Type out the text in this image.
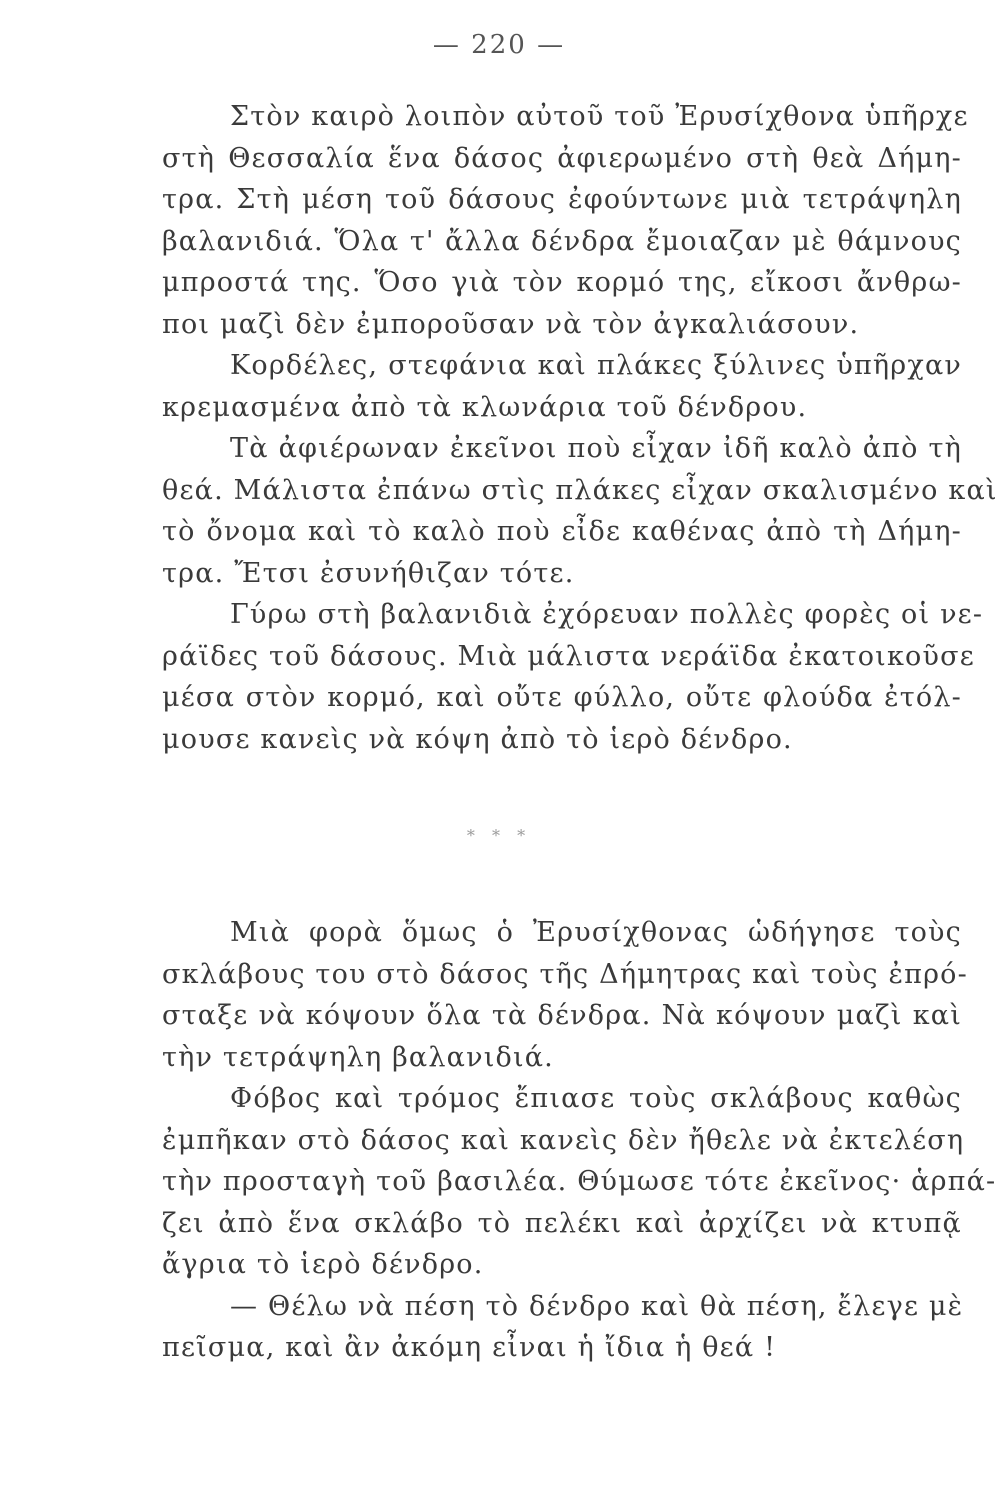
— 220 —
Στὸν καιρὸ λοιπὸν αὐτοῦ τοῦ Ἐρυσίχθονα ὑπῆρχε
στὴ Θεσσαλία ἕνα δάσος ἀφιερωμένο στὴ θεὰ Δήμη-
τρα. Στὴ μέση τοῦ δάσους ἐφούντωνε μιὰ τετράψηλη
βαλανιδιά. Ὅλα τ' ἄλλα δένδρα ἔμοιαζαν μὲ θάμνους
μπροστά της. Ὅσο γιὰ τὸν κορμό της, εἴκοσι ἄνθρω-
ποι μαζὶ δὲν ἐμποροῦσαν νὰ τὸν ἀγκαλιάσουν.
Κορδέλες, στεφάνια καὶ πλάκες ξύλινες ὑπῆρχαν
κρεμασμένα ἀπὸ τὰ κλωνάρια τοῦ δένδρου.
Τὰ ἀφιέρωναν ἐκεῖνοι ποὺ εἶχαν ἰδῆ καλὸ ἀπὸ τὴ
θεά. Μάλιστα ἐπάνω στὶς πλάκες εἶχαν σκαλισμένο καὶ
τὸ ὄνομα καὶ τὸ καλὸ ποὺ εἶδε καθένας ἀπὸ τὴ Δήμη-
τρα. Ἔτσι ἐσυνήθιζαν τότε.
Γύρω στὴ βαλανιδιὰ ἐχόρευαν πολλὲς φορὲς οἱ νε-
ράϊδες τοῦ δάσους. Μιὰ μάλιστα νεράϊδα ἐκατοικοῦσε
μέσα στὸν κορμό, καὶ οὔτε φύλλο, οὔτε φλούδα ἐτόλ-
μουσε κανεὶς νὰ κόψη ἀπὸ τὸ ἱερὸ δένδρο.
* * *
Μιὰ φορὰ ὅμως ὁ Ἐρυσίχθονας ὡδήγησε τοὺς
σκλάβους του στὸ δάσος τῆς Δήμητρας καὶ τοὺς ἐπρό-
σταξε νὰ κόψουν ὅλα τὰ δένδρα. Νὰ κόψουν μαζὶ καὶ
τὴν τετράψηλη βαλανιδιά.
Φόβος καὶ τρόμος ἔπιασε τοὺς σκλάβους καθὼς
ἐμπῆκαν στὸ δάσος καὶ κανεὶς δὲν ἤθελε νὰ ἐκτελέση
τὴν προσταγὴ τοῦ βασιλέα. Θύμωσε τότε ἐκεῖνος· ἁρπά-
ζει ἀπὸ ἕνα σκλάβο τὸ πελέκι καὶ ἀρχίζει νὰ κτυπᾷ
ἄγρια τὸ ἱερὸ δένδρο.
— Θέλω νὰ πέση τὸ δένδρο καὶ θὰ πέση, ἔλεγε μὲ
πεῖσμα, καὶ ἂν ἀκόμη εἶναι ἡ ἴδια ἡ θεά !
